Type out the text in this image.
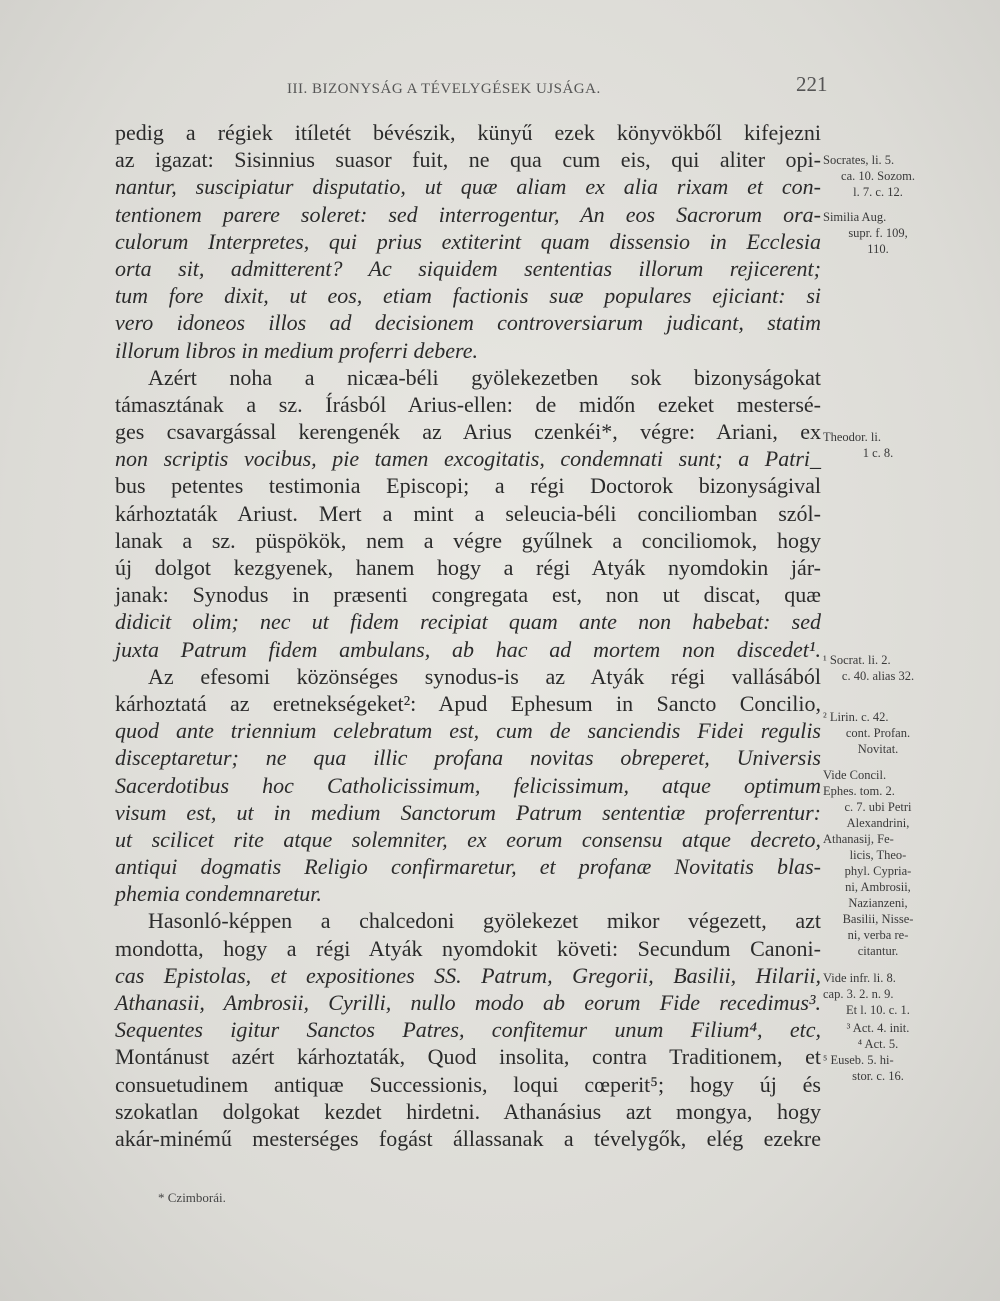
III. BIZONYSÁG A TÉVELYGÉSEK UJSÁGA.	221
pedig a régiek itíletét bévészik, künyű ezek könyvökből kifejezni
az igazat: Sisinnius suasor fuit, ne qua cum eis, qui aliter opi-
nantur, suscipiatur disputatio, ut quæ aliam ex alia rixam et con-
tentionem parere soleret: sed interrogentur, An eos Sacrorum ora-
culorum Interpretes, qui prius extiterint quam dissensio in Ecclesia
orta sit, admitterent? Ac siquidem sententias illorum rejicerent;
tum fore dixit, ut eos, etiam factionis suæ populares ejiciant: si
vero idoneos illos ad decisionem controversiarum judicant, statim
illorum libros in medium proferri debere.
Azért noha a nicæa-béli gyölekezetben sok bizonyságokat
támasztának a sz. Írásból Arius-ellen: de midőn ezeket mestersé-
ges csavargással kerengenék az Arius czenkéi*, végre: Ariani, ex
non scriptis vocibus, pie tamen excogitatis, condemnati sunt; a Patri_
bus petentes testimonia Episcopi; a régi Doctorok bizonyságival
kárhoztaták Ariust. Mert a mint a seleucia-béli conciliomban szól-
lanak a sz. püspökök, nem a végre gyűlnek a conciliomok, hogy
új dolgot kezgyenek, hanem hogy a régi Atyák nyomdokin jár-
janak: Synodus in præsenti congregata est, non ut discat, quæ
didicit olim; nec ut fidem recipiat quam ante non habebat: sed
juxta Patrum fidem ambulans, ab hac ad mortem non discedet¹.
Az efesomi közönséges synodus-is az Atyák régi vallásából
kárhoztatá az eretnekségeket²: Apud Ephesum in Sancto Concilio,
quod ante triennium celebratum est, cum de sanciendis Fidei regulis
disceptaretur; ne qua illic profana novitas obreperet, Universis
Sacerdotibus hoc Catholicissimum, felicissimum, atque optimum
visum est, ut in medium Sanctorum Patrum sententiæ proferrentur:
ut scilicet rite atque solemniter, ex eorum consensu atque decreto,
antiqui dogmatis Religio confirmaretur, et profanæ Novitatis blas-
phemia condemnaretur.
Hasonló-képpen a chalcedoni gyölekezet mikor végezett, azt
mondotta, hogy a régi Atyák nyomdokit követi: Secundum Canoni-
cas Epistolas, et expositiones SS. Patrum, Gregorii, Basilii, Hilarii,
Athanasii, Ambrosii, Cyrilli, nullo modo ab eorum Fide recedimus³.
Sequentes igitur Sanctos Patres, confitemur unum Filium⁴, etc,
Montánust azért kárhoztaták, Quod insolita, contra Traditionem, et
consuetudinem antiquæ Successionis, loqui cœperit⁵; hogy új és
szokatlan dolgokat kezdet hirdetni. Athanásius azt mongya, hogy
akár-minémű mesterséges fogást állassanak a tévelygők, elég ezekre
Socrates, li. 5.
ca. 10. Sozom.
l. 7. c. 12.
Similia Aug.
supr. f. 109,
110.
Theodor. li.
1 c. 8.
¹ Socrat. li. 2.
c. 40. alias 32.
² Lirin. c. 42.
cont. Profan.
Novitat.
Vide Concil.
Ephes. tom. 2.
c. 7. ubi Petri
Alexandrini,
Athanasij, Fe-
licis, Theo-
phyl. Cypria-
ni, Ambrosii,
Nazianzeni,
Basilii, Nisse-
ni, verba re-
citantur.
Vide infr. li. 8.
cap. 3. 2. n. 9.
Et l. 10. c. 1.
³ Act. 4. init.
⁴ Act. 5.
⁵ Euseb. 5. hi-
stor. c. 16.
* Czimborái.
